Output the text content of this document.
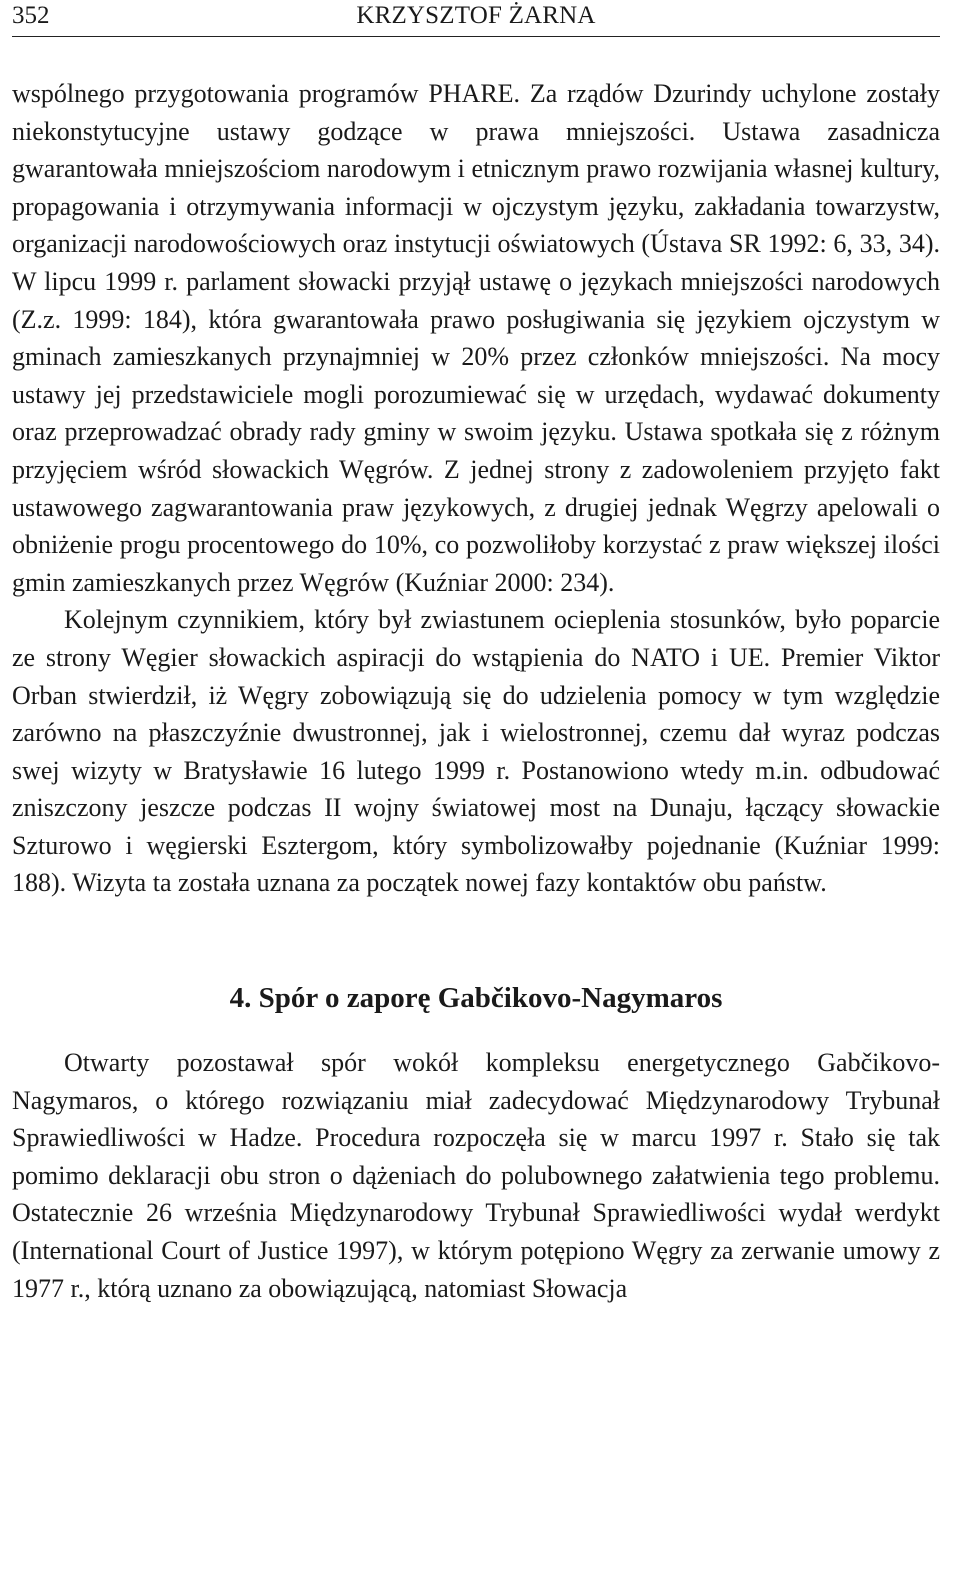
352	KRZYSZTOF ŻARNA

wspólnego przygotowania programów PHARE. Za rządów Dzurindy uchylone zostały niekonstytucyjne ustawy godzące w prawa mniejszości. Ustawa zasadnicza gwarantowała mniejszościom narodowym i etnicznym prawo rozwijania własnej kultury, propagowania i otrzymywania informacji w ojczystym języku, zakładania towarzystw, organizacji narodowościowych oraz instytucji oświatowych (Ústava SR 1992: 6, 33, 34). W lipcu 1999 r. parlament słowacki przyjął ustawę o językach mniejszości narodowych (Z.z. 1999: 184), która gwarantowała prawo posługiwania się językiem ojczystym w gminach zamieszkanych przynajmniej w 20% przez członków mniejszości. Na mocy ustawy jej przedstawiciele mogli porozumiewać się w urzędach, wydawać dokumenty oraz przeprowadzać obrady rady gminy w swoim języku. Ustawa spotkała się z różnym przyjęciem wśród słowackich Węgrów. Z jednej strony z zadowoleniem przyjęto fakt ustawowego zagwarantowania praw językowych, z drugiej jednak Węgrzy apelowali o obniżenie progu procentowego do 10%, co pozwoliłoby korzystać z praw większej ilości gmin zamieszkanych przez Węgrów (Kuźniar 2000: 234).

Kolejnym czynnikiem, który był zwiastunem ocieplenia stosunków, było poparcie ze strony Węgier słowackich aspiracji do wstąpienia do NATO i UE. Premier Viktor Orban stwierdził, iż Węgry zobowiązują się do udzielenia pomocy w tym względzie zarówno na płaszczyźnie dwustronnej, jak i wielostronnej, czemu dał wyraz podczas swej wizyty w Bratysławie 16 lutego 1999 r. Postanowiono wtedy m.in. odbudować zniszczony jeszcze podczas II wojny światowej most na Dunaju, łączący słowackie Szturowo i węgierski Esztergom, który symbolizowałby pojednanie (Kuźniar 1999: 188). Wizyta ta została uznana za początek nowej fazy kontaktów obu państw.

4. Spór o zaporę Gabčikovo-Nagymaros

Otwarty pozostawał spór wokół kompleksu energetycznego Gabčikovo-Nagymaros, o którego rozwiązaniu miał zadecydować Międzynarodowy Trybunał Sprawiedliwości w Hadze. Procedura rozpoczęła się w marcu 1997 r. Stało się tak pomimo deklaracji obu stron o dążeniach do polubownego załatwienia tego problemu. Ostatecznie 26 września Międzynarodowy Trybunał Sprawiedliwości wydał werdykt (International Court of Justice 1997), w którym potępiono Węgry za zerwanie umowy z 1977 r., którą uznano za obowiązującą, natomiast Słowacja
